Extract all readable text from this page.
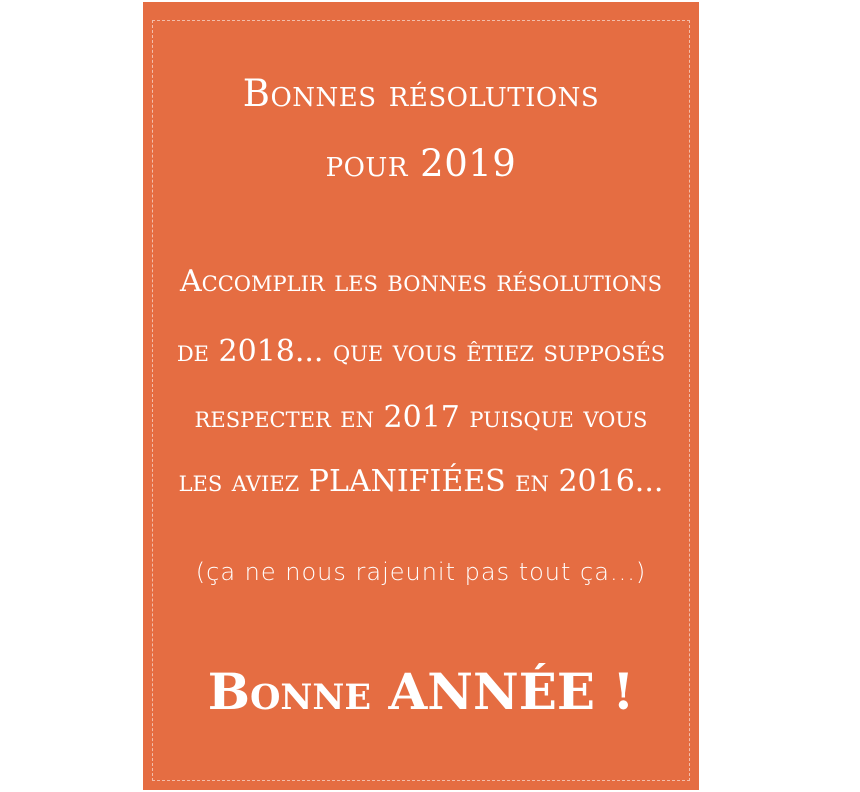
Bonnes résolutions
pour 2019
Accomplir les bonnes résolutions
de 2018... que vous êtiez supposés
respecter en 2017 puisque vous
les aviez PLANIFIÉES en 2016...
(ça ne nous rajeunit pas tout ça...)
Bonne ANNÉE !
